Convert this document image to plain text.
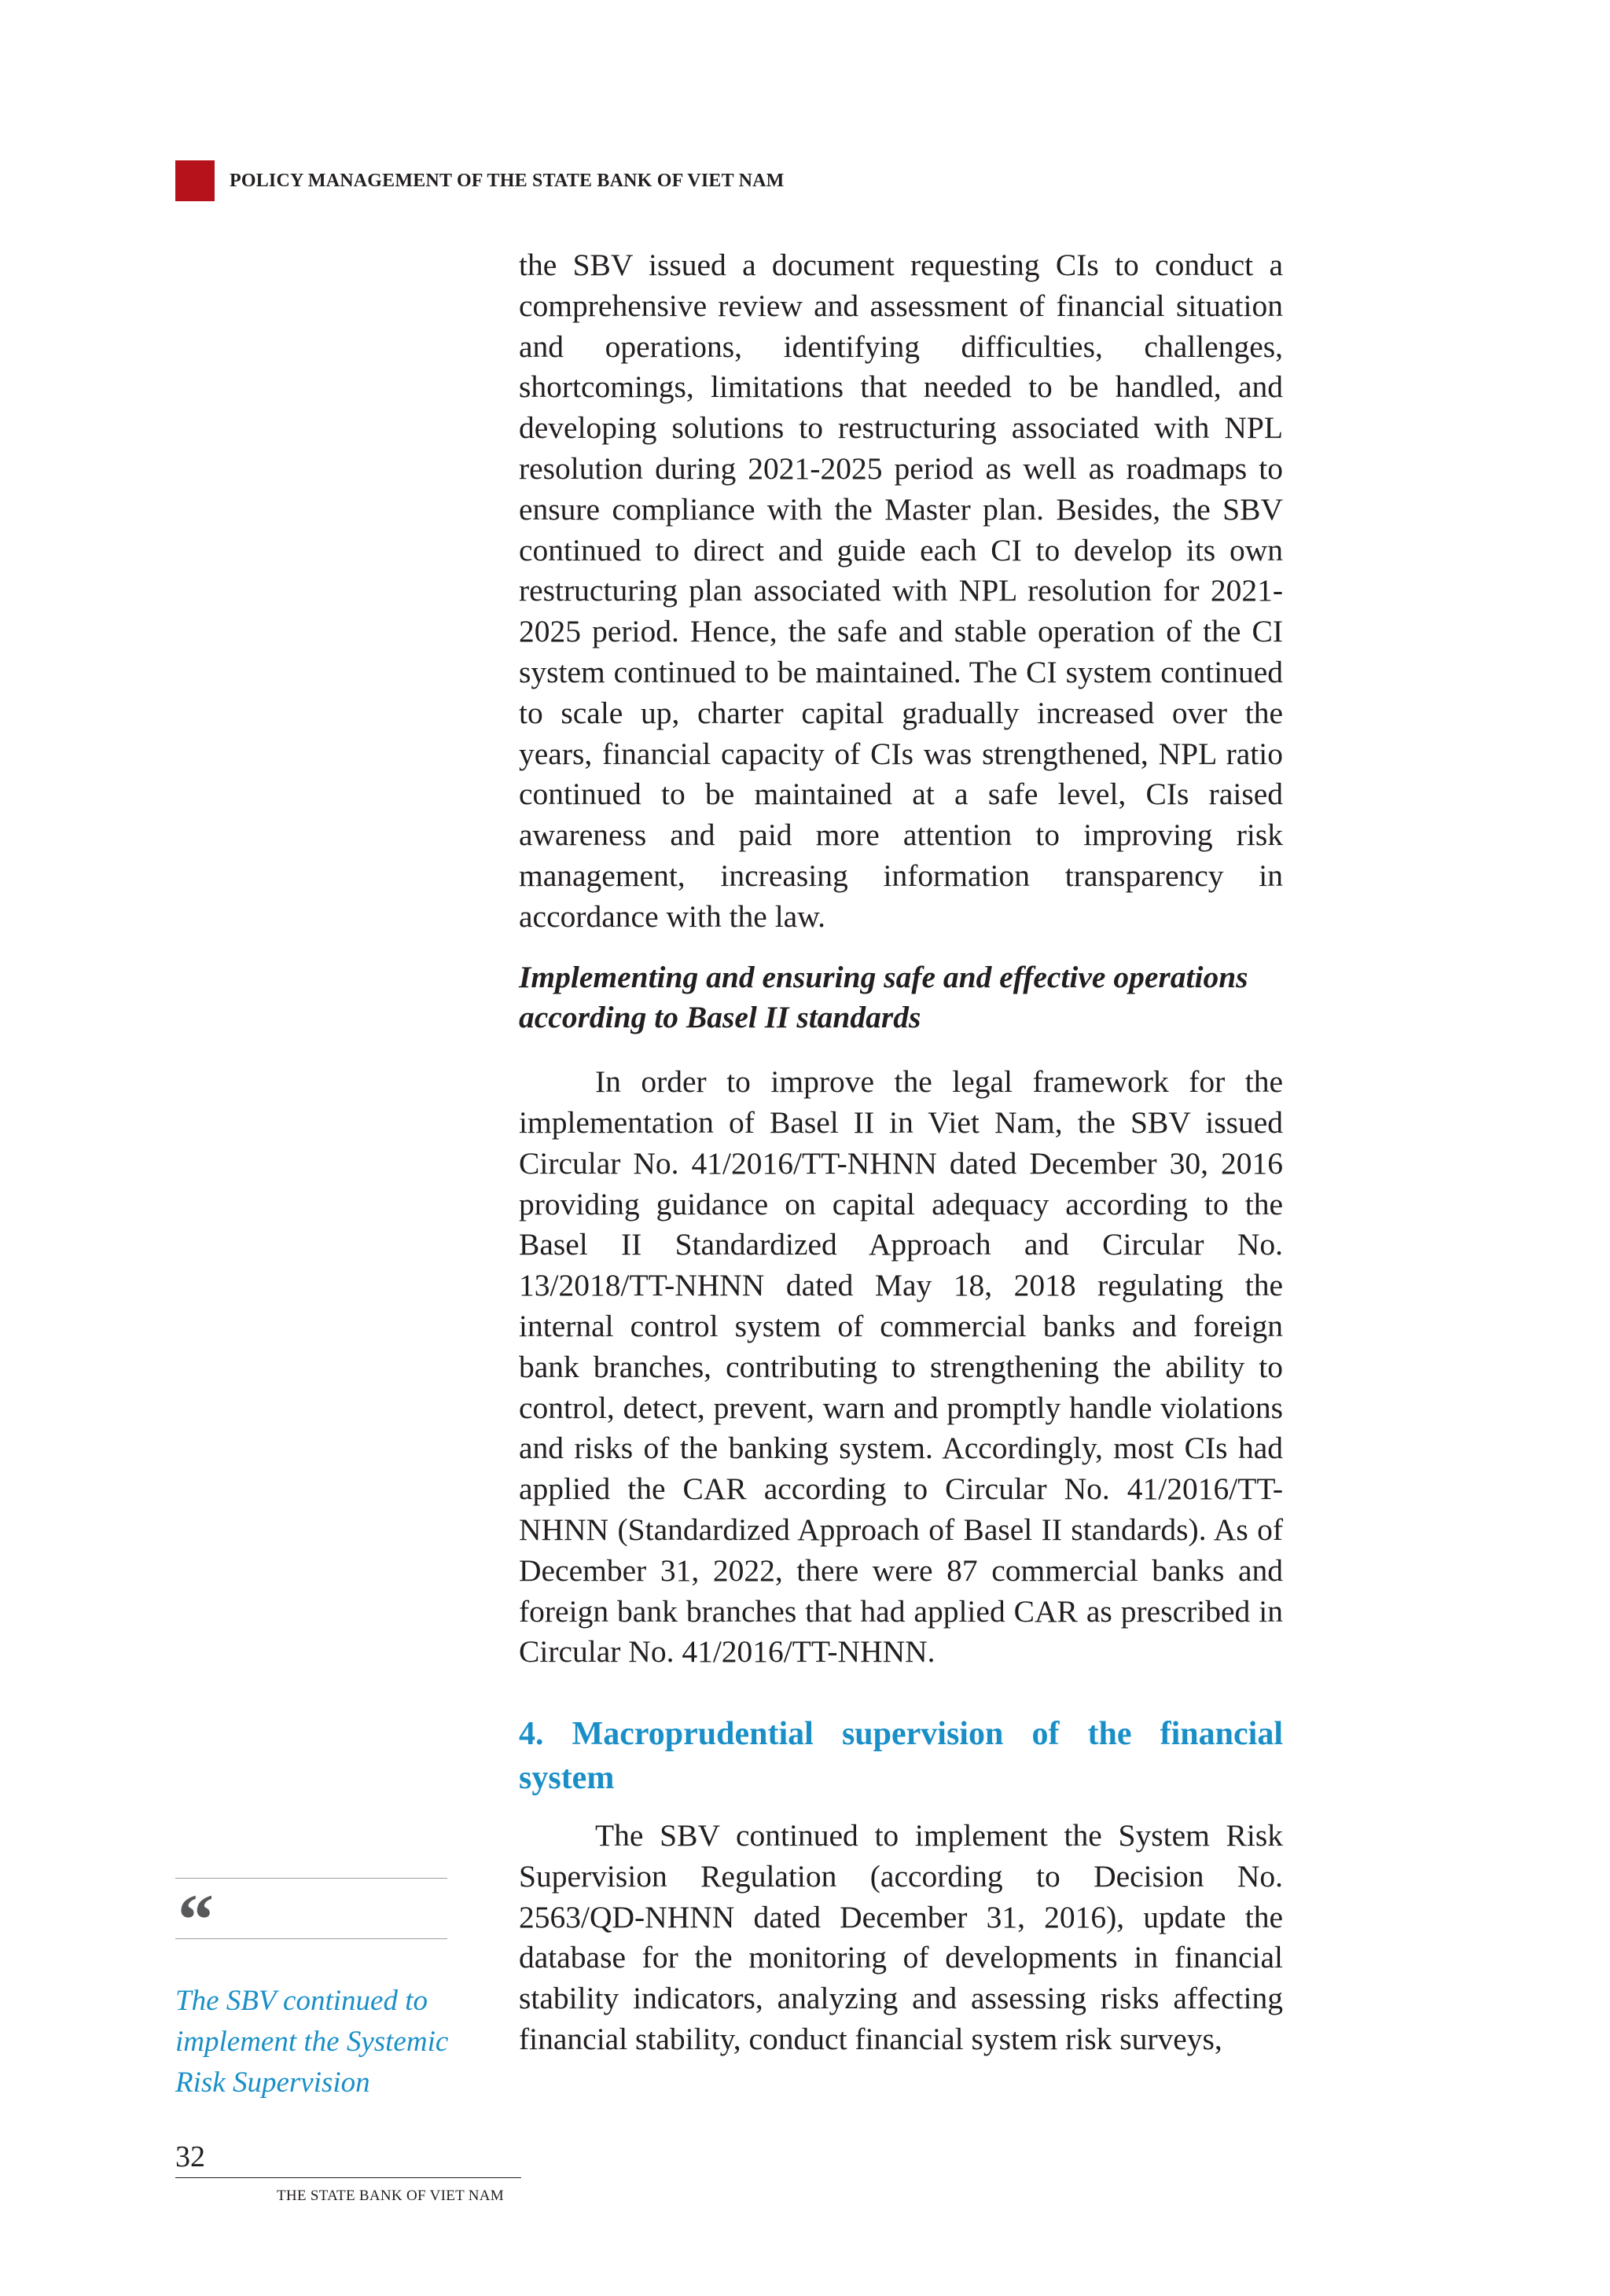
POLICY MANAGEMENT OF THE STATE BANK OF VIET NAM

the SBV issued a document requesting CIs to conduct a comprehensive review and assessment of financial situation and operations, identifying difficulties, challenges, shortcomings, limitations that needed to be handled, and developing solutions to restructuring associated with NPL resolution during 2021-2025 period as well as roadmaps to ensure compliance with the Master plan. Besides, the SBV continued to direct and guide each CI to develop its own restructuring plan associated with NPL resolution for 2021-2025 period. Hence, the safe and stable operation of the CI system continued to be maintained. The CI system continued to scale up, charter capital gradually increased over the years, financial capacity of CIs was strengthened, NPL ratio continued to be maintained at a safe level, CIs raised awareness and paid more attention to improving risk management, increasing information transparency in accordance with the law.

Implementing and ensuring safe and effective operations according to Basel II standards

In order to improve the legal framework for the implementation of Basel II in Viet Nam, the SBV issued Circular No. 41/2016/TT-NHNN dated December 30, 2016 providing guidance on capital adequacy according to the Basel II Standardized Approach and Circular No. 13/2018/TT-NHNN dated May 18, 2018 regulating the internal control system of commercial banks and foreign bank branches, contributing to strengthening the ability to control, detect, prevent, warn and promptly handle violations and risks of the banking system. Accordingly, most CIs had applied the CAR according to Circular No. 41/2016/TT-NHNN (Standardized Approach of Basel II standards). As of December 31, 2022, there were 87 commercial banks and foreign bank branches that had applied CAR as prescribed in Circular No. 41/2016/TT-NHNN.

4. Macroprudential supervision of the financial system

The SBV continued to implement the System Risk Supervision Regulation (according to Decision No. 2563/QD-NHNN dated December 31, 2016), update the database for the monitoring of developments in financial stability indicators, analyzing and assessing risks affecting financial stability, conduct financial system risk surveys,

“
The SBV continued to implement the Systemic Risk Supervision
32
THE STATE BANK OF VIET NAM
